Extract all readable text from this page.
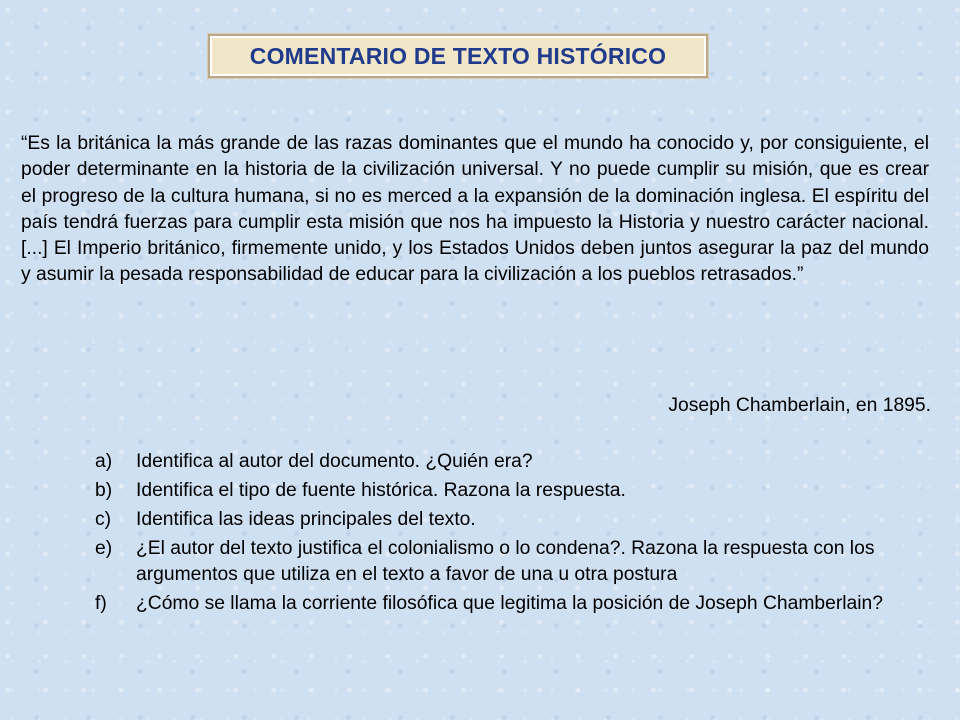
COMENTARIO DE TEXTO HISTÓRICO

“Es la británica la más grande de las razas dominantes que el mundo ha conocido y, por consiguiente, el poder determinante en la historia de la civilización universal. Y no puede cumplir su misión, que es crear el progreso de la cultura humana, si no es merced a la expansión de la dominación inglesa. El espíritu del país tendrá fuerzas para cumplir esta misión que nos ha impuesto la Historia y nuestro carácter nacional. [...] El Imperio británico, firmemente unido, y los Estados Unidos deben juntos asegurar la paz del mundo y asumir la pesada responsabilidad de educar para la civilización a los pueblos retrasados.”

Joseph Chamberlain, en 1895.

a)	Identifica al autor del documento. ¿Quién era?
b)	Identifica el tipo de fuente histórica. Razona la respuesta.
c)	Identifica las ideas principales del texto.
e)	¿El autor del texto justifica el colonialismo o lo condena?. Razona la respuesta con los argumentos que utiliza en el texto a favor de una u otra postura
f)	¿Cómo se llama la corriente filosófica que legitima la posición de Joseph Chamberlain?
